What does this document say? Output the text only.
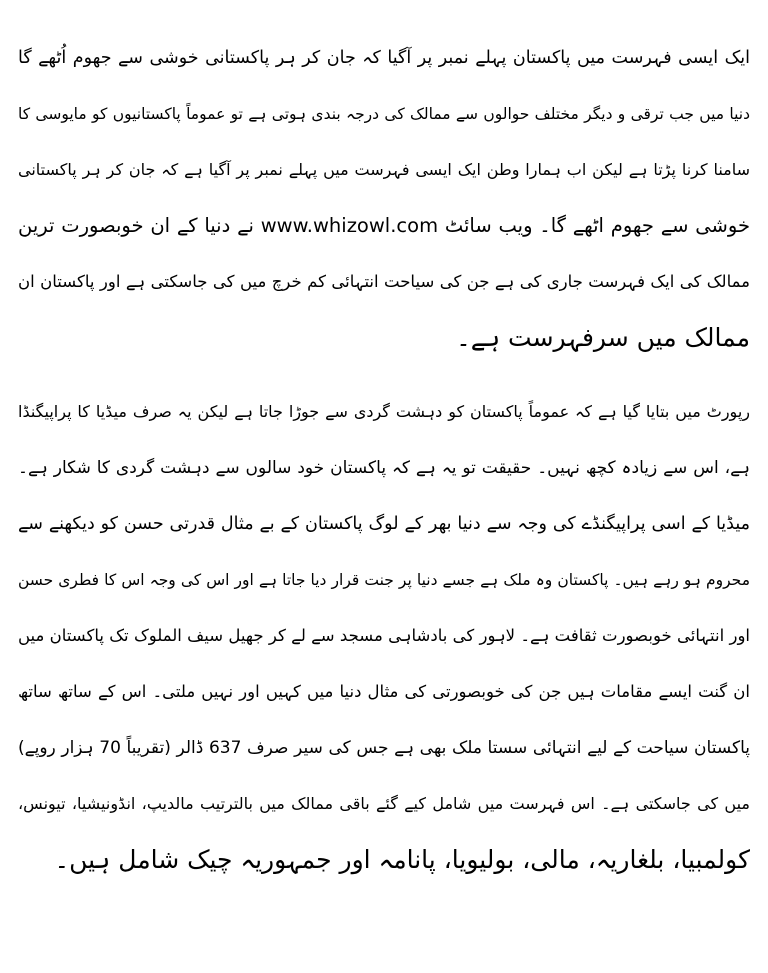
ایک ایسی فہرست میں پاکستان پہلے نمبر پر آگیا کہ جان کر ہر پاکستانی خوشی سے جھوم اُٹھے گا
دنیا میں جب ترقی و دیگر مختلف حوالوں سے ممالک کی درجہ بندی ہوتی ہے تو عموماً پاکستانیوں کو مایوسی کا
سامنا کرنا پڑتا ہے لیکن اب ہمارا وطن ایک ایسی فہرست میں پہلے نمبر پر آگیا ہے کہ جان کر ہر پاکستانی
خوشی سے جھوم اٹھے گا۔ ویب سائٹ www.whizowl.com نے دنیا کے ان خوبصورت ترین
ممالک کی ایک فہرست جاری کی ہے جن کی سیاحت انتہائی کم خرچ میں کی جاسکتی ہے اور پاکستان ان
ممالک میں سرفہرست ہے۔

رپورٹ میں بتایا گیا ہے کہ عموماً پاکستان کو دہشت گردی سے جوڑا جاتا ہے لیکن یہ صرف میڈیا کا پراپیگنڈا
ہے، اس سے زیادہ کچھ نہیں۔ حقیقت تو یہ ہے کہ پاکستان خود سالوں سے دہشت گردی کا شکار ہے۔
میڈیا کے اسی پراپیگنڈے کی وجہ سے دنیا بھر کے لوگ پاکستان کے بے مثال قدرتی حسن کو دیکھنے سے
محروم ہو رہے ہیں۔ پاکستان وہ ملک ہے جسے دنیا پر جنت قرار دیا جاتا ہے اور اس کی وجہ اس کا فطری حسن
اور انتہائی خوبصورت ثقافت ہے۔ لاہور کی بادشاہی مسجد سے لے کر جھیل سیف الملوک تک پاکستان میں
ان گنت ایسے مقامات ہیں جن کی خوبصورتی کی مثال دنیا میں کہیں اور نہیں ملتی۔ اس کے ساتھ ساتھ
پاکستان سیاحت کے لیے انتہائی سستا ملک بھی ہے جس کی سیر صرف 637 ڈالر (تقریباً 70 ہزار روپے)
میں کی جاسکتی ہے۔ اس فہرست میں شامل کیے گئے باقی ممالک میں بالترتیب مالدیپ، انڈونیشیا، تیونس،
کولمبیا، بلغاریہ، مالی، بولیویا، پانامہ اور جمہوریہ چیک شامل ہیں۔
